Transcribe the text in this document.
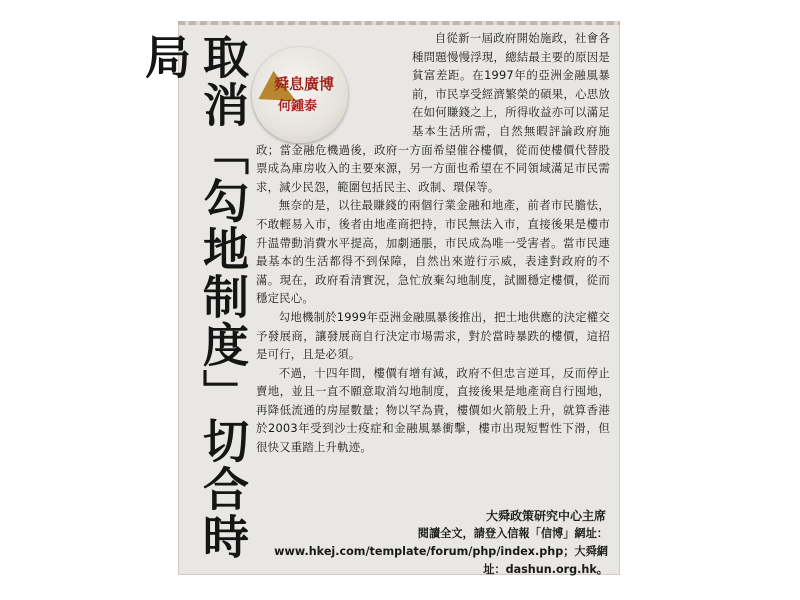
取消「勾地制度」切合時局
舜息廣博
何鍾泰

自從新一屆政府開始施政，社會各種問題慢慢浮現，總結最主要的原因是貧富差距。在1997年的亞洲金融風暴前，市民享受經濟繁榮的碩果，心思放在如何賺錢之上，所得收益亦可以滿足基本生活所需，自然無暇評論政府施政；當金融危機過後，政府一方面希望催谷樓價，從而使樓價代替股票成為庫房收入的主要來源，另一方面也希望在不同領域滿足市民需求，減少民怨，範圍包括民主、政制、環保等。

無奈的是，以往最賺錢的兩個行業金融和地產，前者市民膽怯，不敢輕易入市，後者由地產商把持，市民無法入市，直接後果是樓市升温帶動消費水平提高，加劇通脹，市民成為唯一受害者。當市民連最基本的生活都得不到保障，自然出來遊行示威，表達對政府的不滿。現在，政府看清實況，急忙放棄勾地制度，試圖穩定樓價，從而穩定民心。

勾地機制於1999年亞洲金融風暴後推出，把土地供應的決定權交予發展商，讓發展商自行決定市場需求，對於當時暴跌的樓價，這招是可行，且是必須。

不過，十四年間，樓價有增有減，政府不但忠言逆耳，反而停止賣地，並且一直不願意取消勾地制度，直接後果是地產商自行囤地，再降低流通的房屋數量；物以罕為貴，樓價如火箭般上升，就算香港於2003年受到沙士疫症和金融風暴衝擊，樓市出現短暫性下滑，但很快又重踏上升軌迹。

大舜政策研究中心主席
閱讀全文，請登入信報「信博」網址：www.hkej.com/template/forum/php/index.php；大舜網址：dashun.org.hk。
